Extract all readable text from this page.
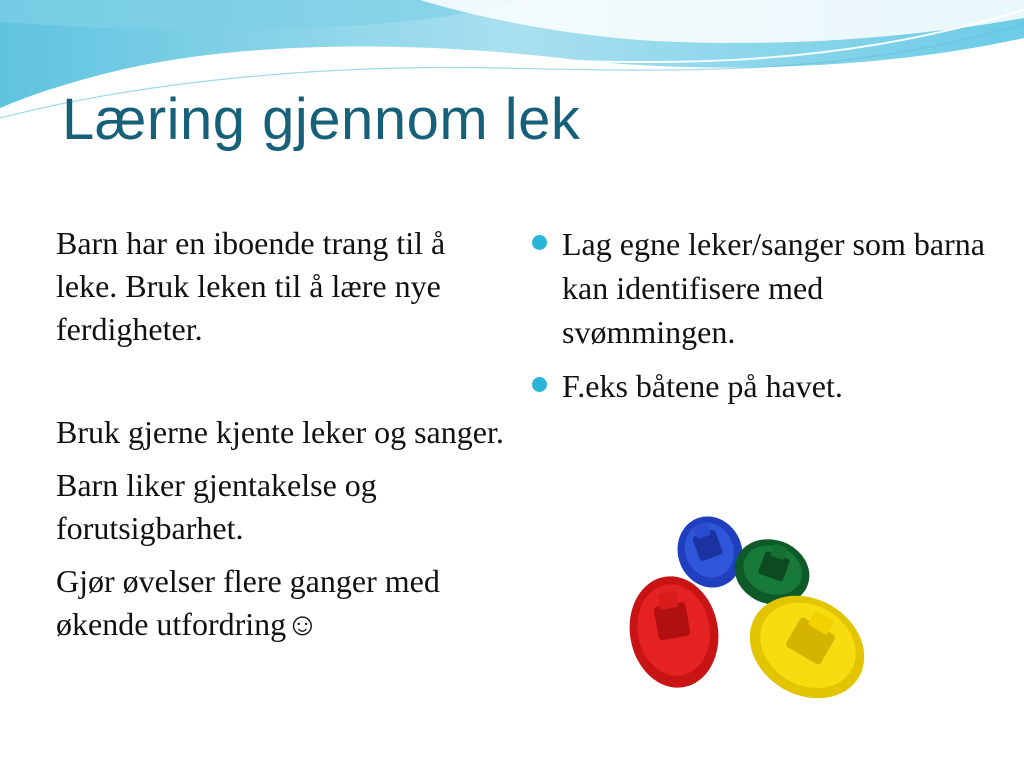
Læring gjennom lek

Barn har en iboende trang til å leke. Bruk leken til å lære nye ferdigheter.

Bruk gjerne kjente leker og sanger.

Barn liker gjentakelse og forutsigbarhet.

Gjør øvelser flere ganger med økende utfordring☺

Lag egne leker/sanger som barna kan identifisere med svømmingen.
F.eks båtene på havet.
